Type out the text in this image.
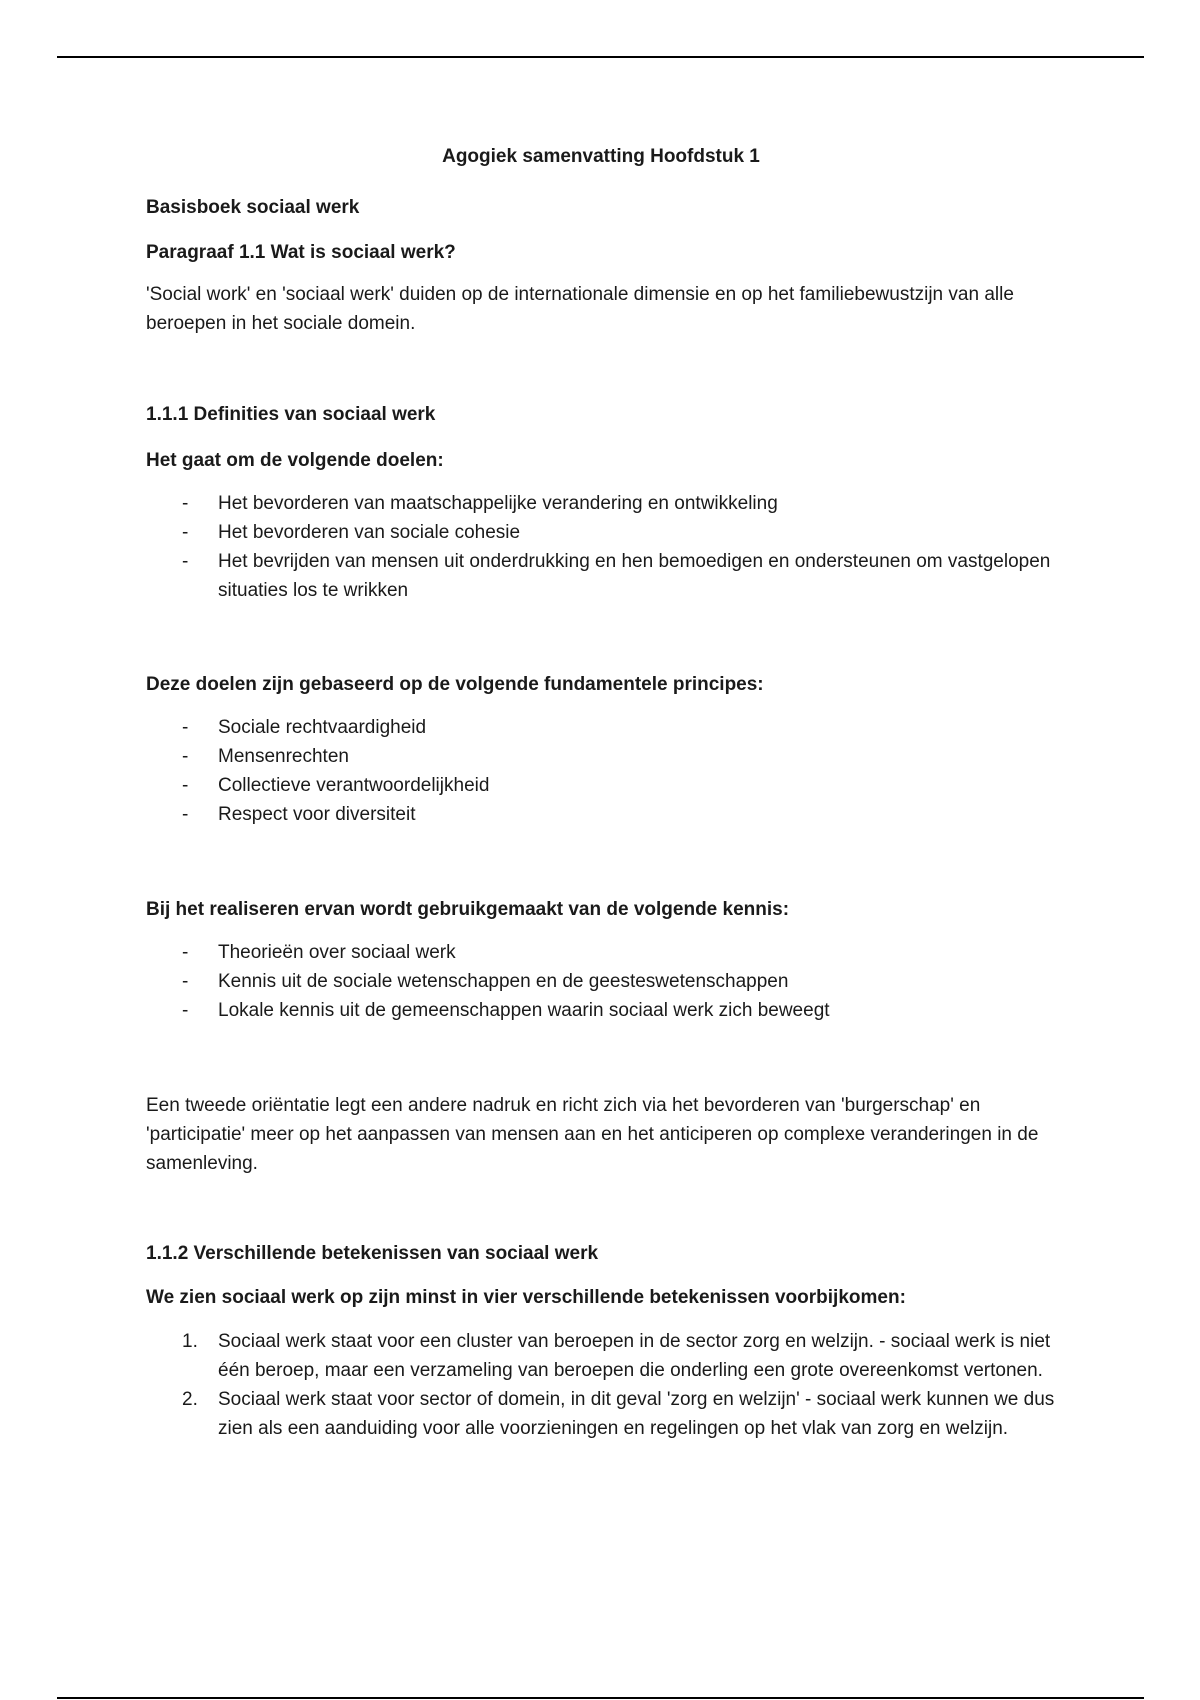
Agogiek samenvatting Hoofdstuk 1
Basisboek sociaal werk
Paragraaf 1.1 Wat is sociaal werk?
'Social work' en 'sociaal werk' duiden op de internationale dimensie en op het familiebewustzijn van alle beroepen in het sociale domein.
1.1.1 Definities van sociaal werk
Het gaat om de volgende doelen:
- Het bevorderen van maatschappelijke verandering en ontwikkeling
- Het bevorderen van sociale cohesie
- Het bevrijden van mensen uit onderdrukking en hen bemoedigen en ondersteunen om vastgelopen situaties los te wrikken
Deze doelen zijn gebaseerd op de volgende fundamentele principes:
- Sociale rechtvaardigheid
- Mensenrechten
- Collectieve verantwoordelijkheid
- Respect voor diversiteit
Bij het realiseren ervan wordt gebruikgemaakt van de volgende kennis:
- Theorieën over sociaal werk
- Kennis uit de sociale wetenschappen en de geesteswetenschappen
- Lokale kennis uit de gemeenschappen waarin sociaal werk zich beweegt
Een tweede oriëntatie legt een andere nadruk en richt zich via het bevorderen van 'burgerschap' en 'participatie' meer op het aanpassen van mensen aan en het anticiperen op complexe veranderingen in de samenleving.
1.1.2 Verschillende betekenissen van sociaal werk
We zien sociaal werk op zijn minst in vier verschillende betekenissen voorbijkomen:
1. Sociaal werk staat voor een cluster van beroepen in de sector zorg en welzijn. - sociaal werk is niet één beroep, maar een verzameling van beroepen die onderling een grote overeenkomst vertonen.
2. Sociaal werk staat voor sector of domein, in dit geval 'zorg en welzijn' - sociaal werk kunnen we dus zien als een aanduiding voor alle voorzieningen en regelingen op het vlak van zorg en welzijn.
